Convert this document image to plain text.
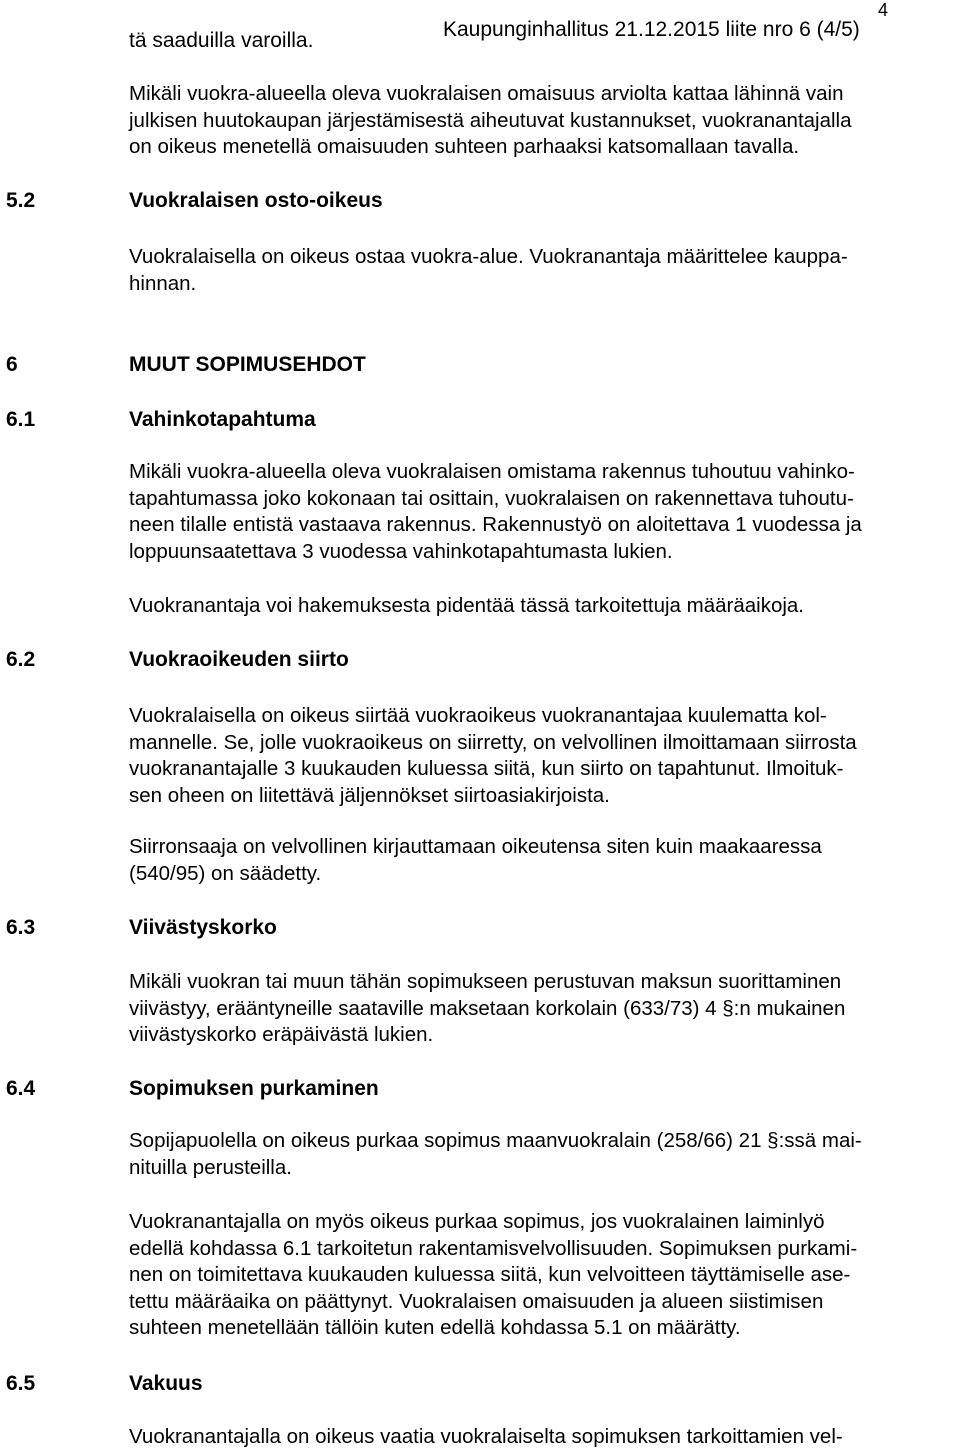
tä saaduilla varoilla.	Kaupunginhallitus 21.12.2015 liite nro 6 (4/5)
4
Mikäli vuokra-alueella oleva vuokralaisen omaisuus arviolta kattaa lähinnä vain
julkisen huutokaupan järjestämisestä aiheutuvat kustannukset, vuokranantajalla
on oikeus menetellä omaisuuden suhteen parhaaksi katsomallaan tavalla.
5.2	Vuokralaisen osto-oikeus
Vuokralaisella on oikeus ostaa vuokra-alue. Vuokranantaja määrittelee kauppa-
hinnan.
6	MUUT SOPIMUSEHDOT
6.1	Vahinkotapahtuma
Mikäli vuokra-alueella oleva vuokralaisen omistama rakennus tuhoutuu vahinko-
tapahtumassa joko kokonaan tai osittain, vuokralaisen on rakennettava tuhoutu-
neen tilalle entistä vastaava rakennus. Rakennustyö on aloitettava 1 vuodessa ja
loppuunsaatettava 3 vuodessa vahinkotapahtumasta lukien.
Vuokranantaja voi hakemuksesta pidentää tässä tarkoitettuja määräaikoja.
6.2	Vuokraoikeuden siirto
Vuokralaisella on oikeus siirtää vuokraoikeus vuokranantajaa kuulematta kol-
mannelle. Se, jolle vuokraoikeus on siirretty, on velvollinen ilmoittamaan siirrosta
vuokranantajalle 3 kuukauden kuluessa siitä, kun siirto on tapahtunut. Ilmoituk-
sen oheen on liitettävä jäljennökset siirtoasiakirjoista.
Siirronsaaja on velvollinen kirjauttamaan oikeutensa siten kuin maakaaressa
(540/95) on säädetty.
6.3	Viivästyskorko
Mikäli vuokran tai muun tähän sopimukseen perustuvan maksun suorittaminen
viivästyy, erääntyneille saataville maksetaan korkolain (633/73) 4 §:n mukainen
viivästyskorko eräpäivästä lukien.
6.4	Sopimuksen purkaminen
Sopijapuolella on oikeus purkaa sopimus maanvuokralain (258/66) 21 §:ssä mai-
nituilla perusteilla.
Vuokranantajalla on myös oikeus purkaa sopimus, jos vuokralainen laiminlyö
edellä kohdassa 6.1 tarkoitetun rakentamisvelvollisuuden. Sopimuksen purkami-
nen on toimitettava kuukauden kuluessa siitä, kun velvoitteen täyttämiselle ase-
tettu määräaika on päättynyt. Vuokralaisen omaisuuden ja alueen siistimisen
suhteen menetellään tällöin kuten edellä kohdassa 5.1 on määrätty.
6.5	Vakuus
Vuokranantajalla on oikeus vaatia vuokralaiselta sopimuksen tarkoittamien vel-
